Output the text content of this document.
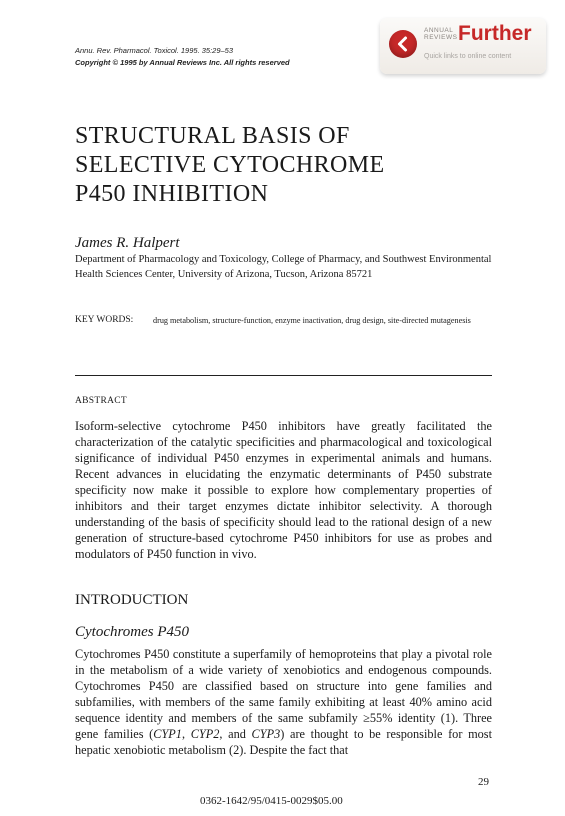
Annu. Rev. Pharmacol. Toxicol. 1995. 35:29–53
Copyright © 1995 by Annual Reviews Inc. All rights reserved
ANNUAL
REVIEWS Further
Quick links to online content
STRUCTURAL BASIS OF
SELECTIVE CYTOCHROME
P450 INHIBITION
James R. Halpert
Department of Pharmacology and Toxicology, College of Pharmacy, and Southwest Environmental Health Sciences Center, University of Arizona, Tucson, Arizona 85721
KEY WORDS: drug metabolism, structure-function, enzyme inactivation, drug design, site-directed mutagenesis
ABSTRACT

Isoform-selective cytochrome P450 inhibitors have greatly facilitated the characterization of the catalytic specificities and pharmacological and toxicological significance of individual P450 enzymes in experimental animals and humans. Recent advances in elucidating the enzymatic determinants of P450 substrate specificity now make it possible to explore how complementary properties of inhibitors and their target enzymes dictate inhibitor selectivity. A thorough understanding of the basis of specificity should lead to the rational design of a new generation of structure-based cytochrome P450 inhibitors for use as probes and modulators of P450 function in vivo.

INTRODUCTION
Cytochromes P450

Cytochromes P450 constitute a superfamily of hemoproteins that play a pivotal role in the metabolism of a wide variety of xenobiotics and endogenous compounds. Cytochromes P450 are classified based on structure into gene families and subfamilies, with members of the same family exhibiting at least 40% amino acid sequence identity and members of the same subfamily ≥55% identity (1). Three gene families (CYP1, CYP2, and CYP3) are thought to be responsible for most hepatic xenobiotic metabolism (2). Despite the fact that

29
0362-1642/95/0415-0029$05.00
